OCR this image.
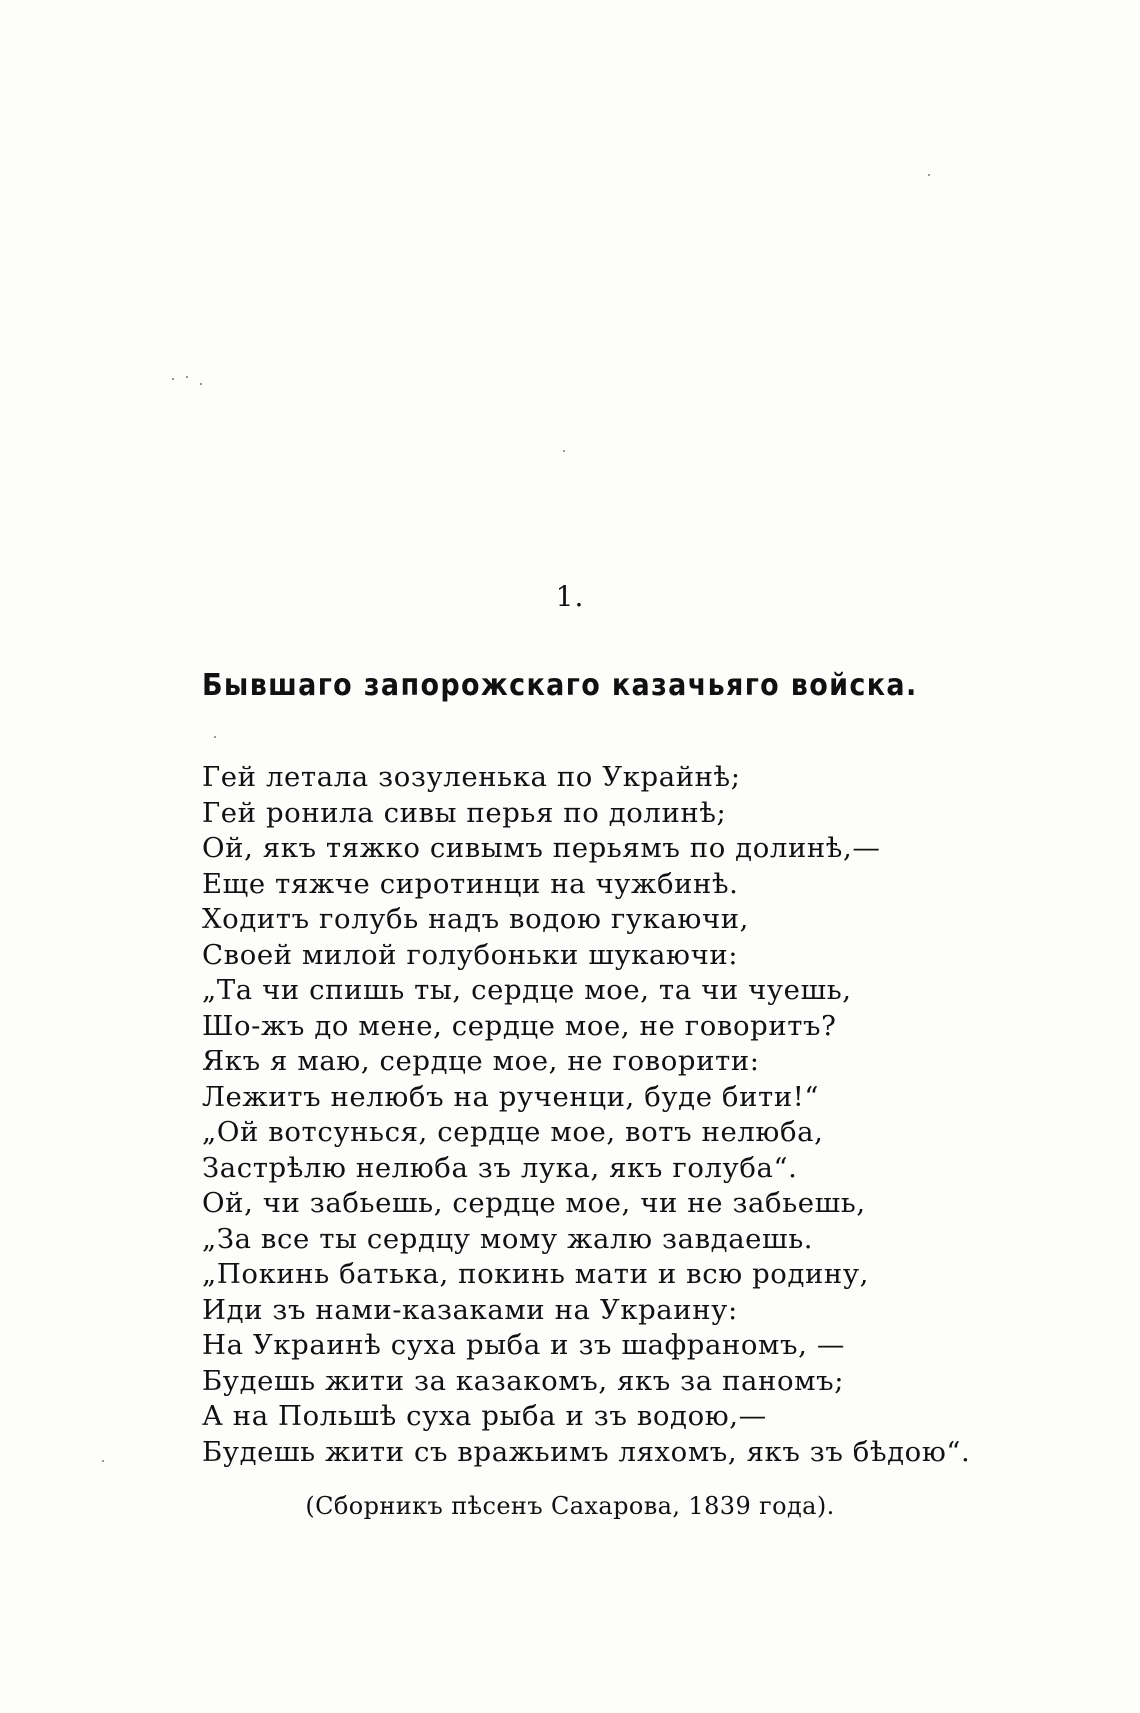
1.
Бывшаго запорожскаго казачьяго войска.
Гей летала зозуленька по Украйнѣ;
Гей ронила сивы перья по долинѣ;
Ой, якъ тяжко сивымъ перьямъ по долинѣ,—
Еще тяжче сиротинци на чужбинѣ.
Ходитъ голубь надъ водою гукаючи,
Своей милой голубоньки шукаючи:
„Та чи спишь ты, сердце мое, та чи чуешь,
Шо-жъ до мене, сердце мое, не говоритъ?
Якъ я маю, сердце мое, не говорити:
Лежитъ нелюбъ на рученци, буде бити!“
„Ой вотсунься, сердце мое, вотъ нелюба,
Застрѣлю нелюба зъ лука, якъ голуба“.
Ой, чи забьешь, сердце мое, чи не забьешь,
„За все ты сердцу мому жалю завдаешь.
„Покинь батька, покинь мати и всю родину,
Иди зъ нами-казаками на Украину:
На Украинѣ суха рыба и зъ шафраномъ, —
Будешь жити за казакомъ, якъ за паномъ;
А на Польшѣ суха рыба и зъ водою,—
Будешь жити съ вражьимъ ляхомъ, якъ зъ бѣдою“.
(Сборникъ пѣсенъ Сахарова, 1839 года).
